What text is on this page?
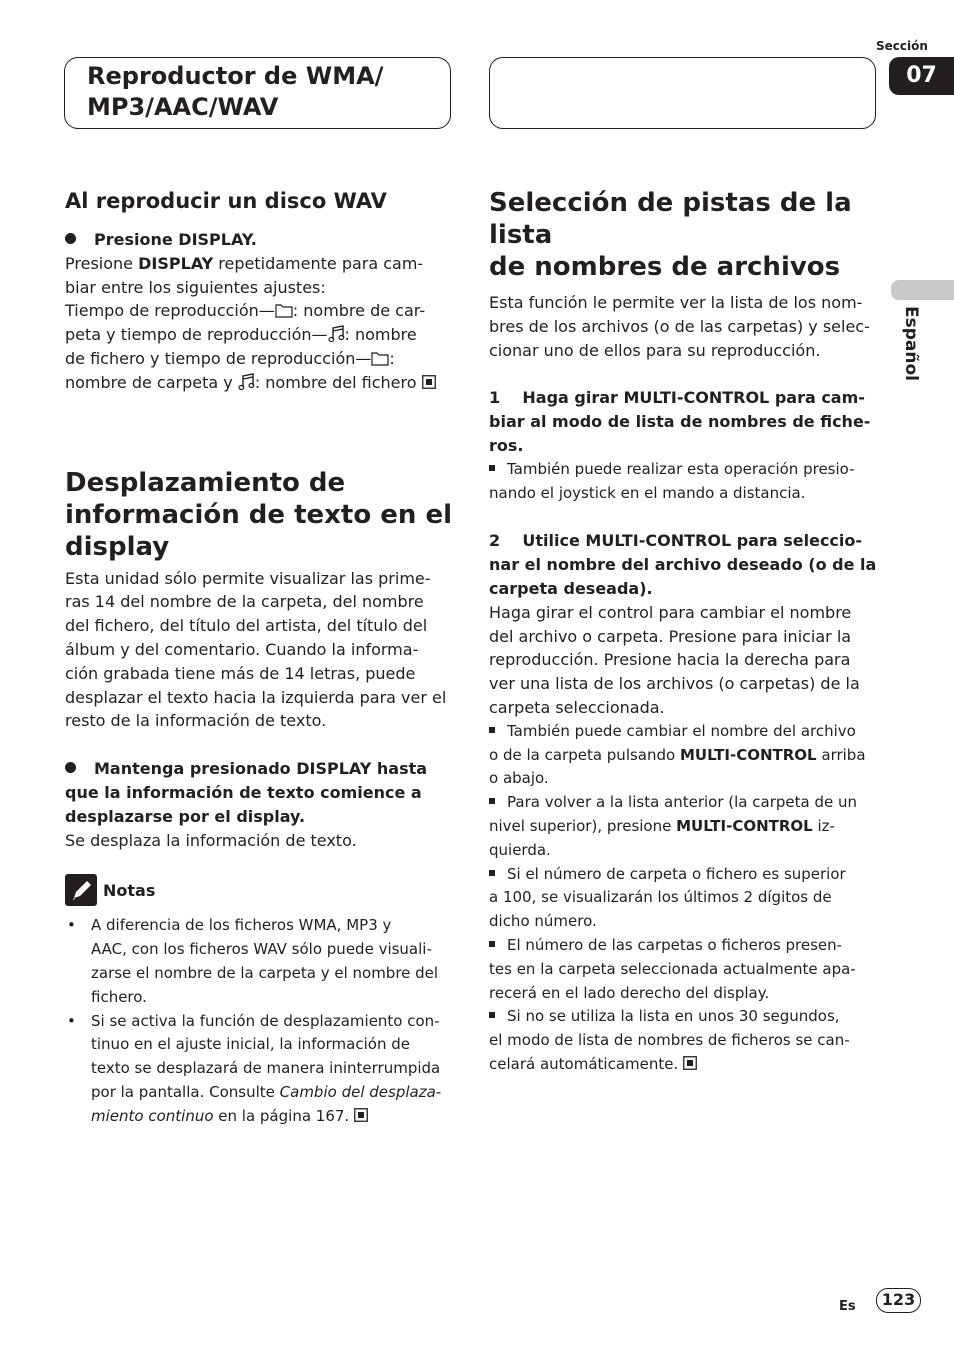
Reproductor de WMA/
MP3/AAC/WAV
Sección
07
Español

Al reproducir un disco WAV

Presione DISPLAY.
Presione DISPLAY repetidamente para cam-
biar entre los siguientes ajustes:
Tiempo de reproducción— : nombre de car-
peta y tiempo de reproducción— : nombre
de fichero y tiempo de reproducción— :
nombre de carpeta y : nombre del fichero

Desplazamiento de

información de texto en el

display

Esta unidad sólo permite visualizar las prime-
ras 14 del nombre de la carpeta, del nombre
del fichero, del título del artista, del título del
álbum y del comentario. Cuando la informa-
ción grabada tiene más de 14 letras, puede
desplazar el texto hacia la izquierda para ver el
resto de la información de texto.
Mantenga presionado DISPLAY hasta
que la información de texto comience a
desplazarse por el display.
Se desplaza la información de texto.
Notas
• A diferencia de los ficheros WMA, MP3 y
AAC, con los ficheros WAV sólo puede visuali-
zarse el nombre de la carpeta y el nombre del
fichero.
• Si se activa la función de desplazamiento con-
tinuo en el ajuste inicial, la información de
texto se desplazará de manera ininterrumpida
por la pantalla. Consulte Cambio del desplaza-
miento continuo en la página 167.

Selección de pistas de la lista

de nombres de archivos

Esta función le permite ver la lista de los nom-
bres de los archivos (o de las carpetas) y selec-
cionar uno de ellos para su reproducción.
1    Haga girar MULTI-CONTROL para cam-
biar al modo de lista de nombres de fiche-
ros.
También puede realizar esta operación presio-
nando el joystick en el mando a distancia.
2    Utilice MULTI-CONTROL para seleccio-
nar el nombre del archivo deseado (o de la
carpeta deseada).
Haga girar el control para cambiar el nombre
del archivo o carpeta. Presione para iniciar la
reproducción. Presione hacia la derecha para
ver una lista de los archivos (o carpetas) de la
carpeta seleccionada.
También puede cambiar el nombre del archivo
o de la carpeta pulsando MULTI-CONTROL arriba
o abajo.
Para volver a la lista anterior (la carpeta de un
nivel superior), presione MULTI-CONTROL iz-
quierda.
Si el número de carpeta o fichero es superior
a 100, se visualizarán los últimos 2 dígitos de
dicho número.
El número de las carpetas o ficheros presen-
tes en la carpeta seleccionada actualmente apa-
recerá en el lado derecho del display.
Si no se utiliza la lista en unos 30 segundos,
el modo de lista de nombres de ficheros se can-
celará automáticamente.
Es	123
